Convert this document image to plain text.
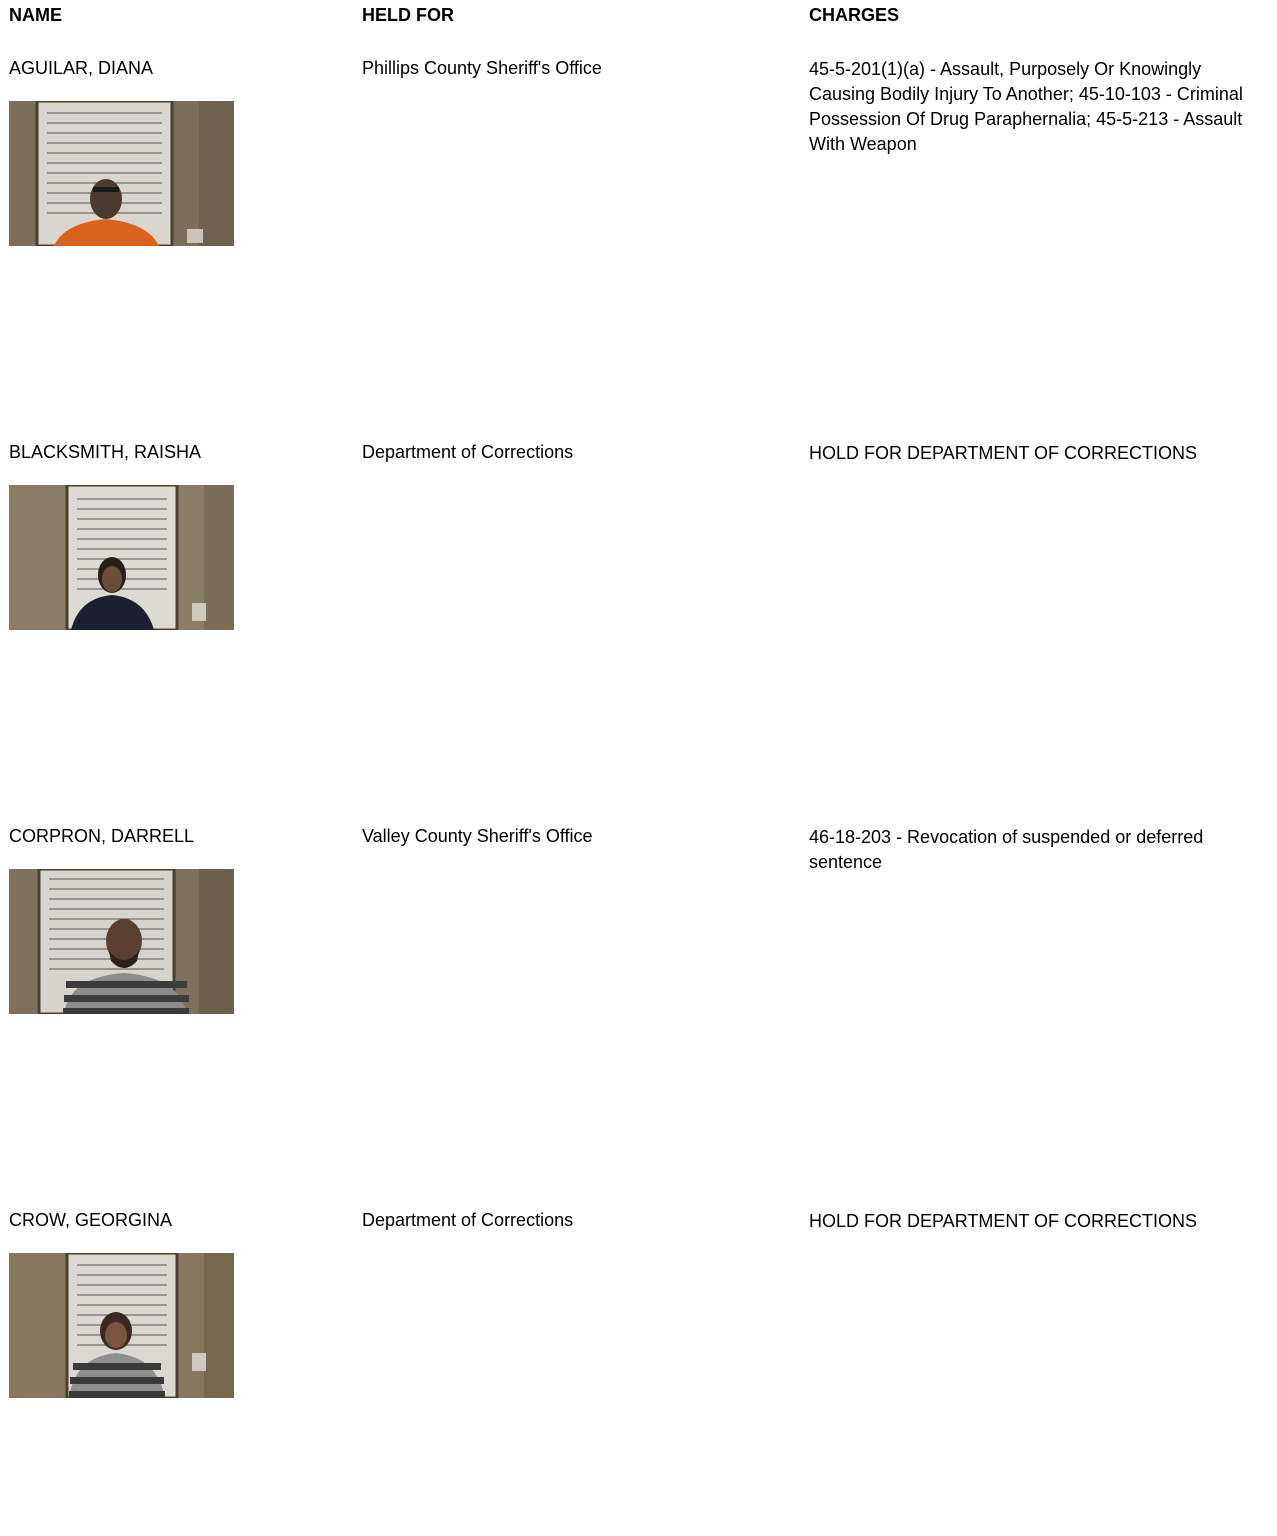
NAME	HELD FOR	CHARGES
AGUILAR, DIANA	Phillips County Sheriff's Office	45-5-201(1)(a) - Assault, Purposely Or Knowingly Causing Bodily Injury To Another; 45-10-103 - Criminal Possession Of Drug Paraphernalia; 45-5-213 - Assault With Weapon
BLACKSMITH, RAISHA	Department of Corrections	HOLD FOR DEPARTMENT OF CORRECTIONS
CORPRON, DARRELL	Valley County Sheriff's Office	46-18-203 - Revocation of suspended or deferred sentence
CROW, GEORGINA	Department of Corrections	HOLD FOR DEPARTMENT OF CORRECTIONS
